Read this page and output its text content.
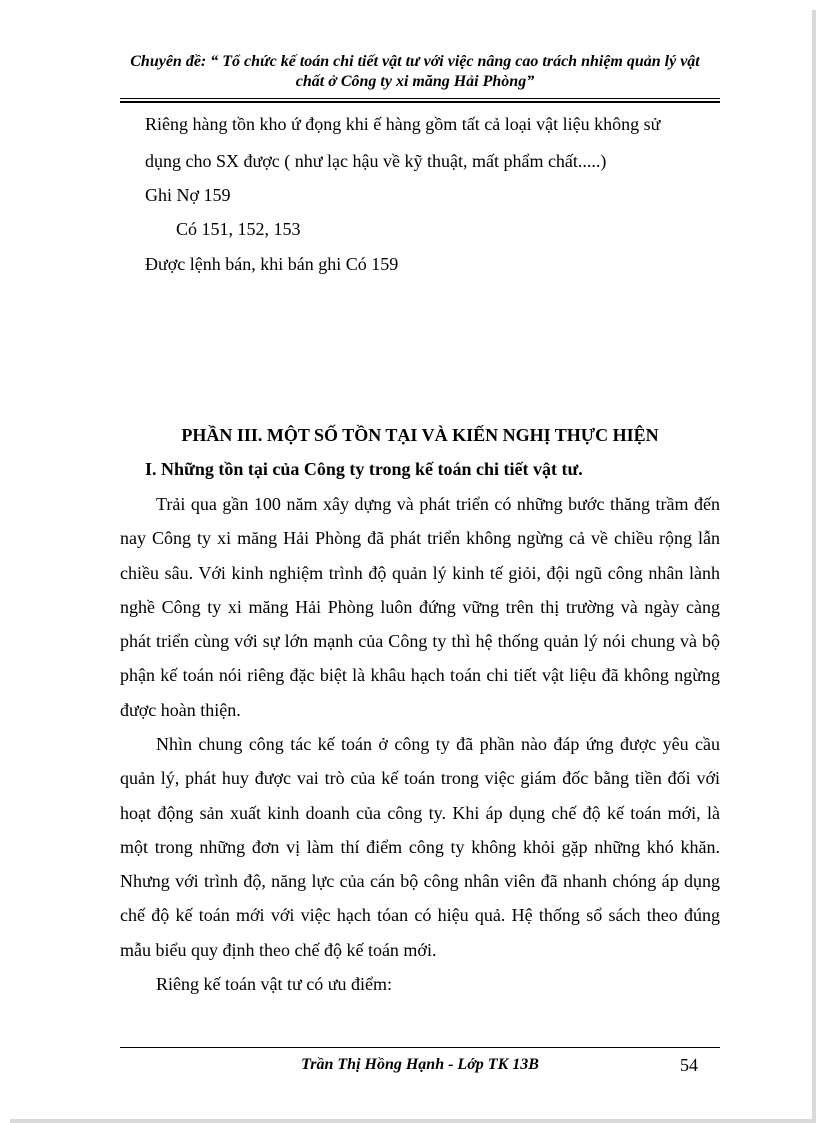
Chuyên đề: “ Tổ chức kế toán chi tiết vật tư với việc nâng cao trách nhiệm quản lý vật
chất ở Công ty xi măng Hải Phòng”
Riêng hàng tồn kho ứ đọng khi ế hàng gồm tất cả loại vật liệu không sử
dụng cho SX được ( như lạc hậu về kỹ thuật, mất phẩm chất.....)
Ghi Nợ 159
Có 151, 152, 153
Được lệnh bán, khi bán ghi Có 159
PHẦN III. MỘT SỐ TỒN TẠI VÀ KIẾN NGHỊ THỰC HIỆN
I. Những tồn tại của Công ty trong kế toán chi tiết vật tư.
Trải qua gần 100 năm xây dựng và phát triển có những bước thăng trầm đến nay Công ty xi măng Hải Phòng đã phát triển không ngừng cả về chiều rộng lẫn chiều sâu. Với kinh nghiệm trình độ quản lý kinh tế giỏi, đội ngũ công nhân lành nghề Công ty xi măng Hải Phòng luôn đứng vững trên thị trường và ngày càng phát triển cùng với sự lớn mạnh của Công ty thì hệ thống quản lý nói chung và bộ phận kế toán nói riêng đặc biệt là khâu hạch toán chi tiết vật liệu đã không ngừng được hoàn thiện.
Nhìn chung công tác kế toán ở công ty đã phần nào đáp ứng được yêu cầu quản lý, phát huy được vai trò của kế toán trong việc giám đốc bằng tiền đối với hoạt động sản xuất kinh doanh của công ty. Khi áp dụng chế độ kế toán mới, là một trong những đơn vị làm thí điểm công ty không khỏi gặp những khó khăn. Nhưng với trình độ, năng lực của cán bộ công nhân viên đã nhanh chóng áp dụng chế độ kế toán mới với việc hạch tóan có hiệu quả. Hệ thống sổ sách theo đúng mẫu biểu quy định theo chế độ kế toán mới.
Riêng kế toán vật tư có ưu điểm:
Trần Thị Hồng Hạnh - Lớp TK 13B	54
